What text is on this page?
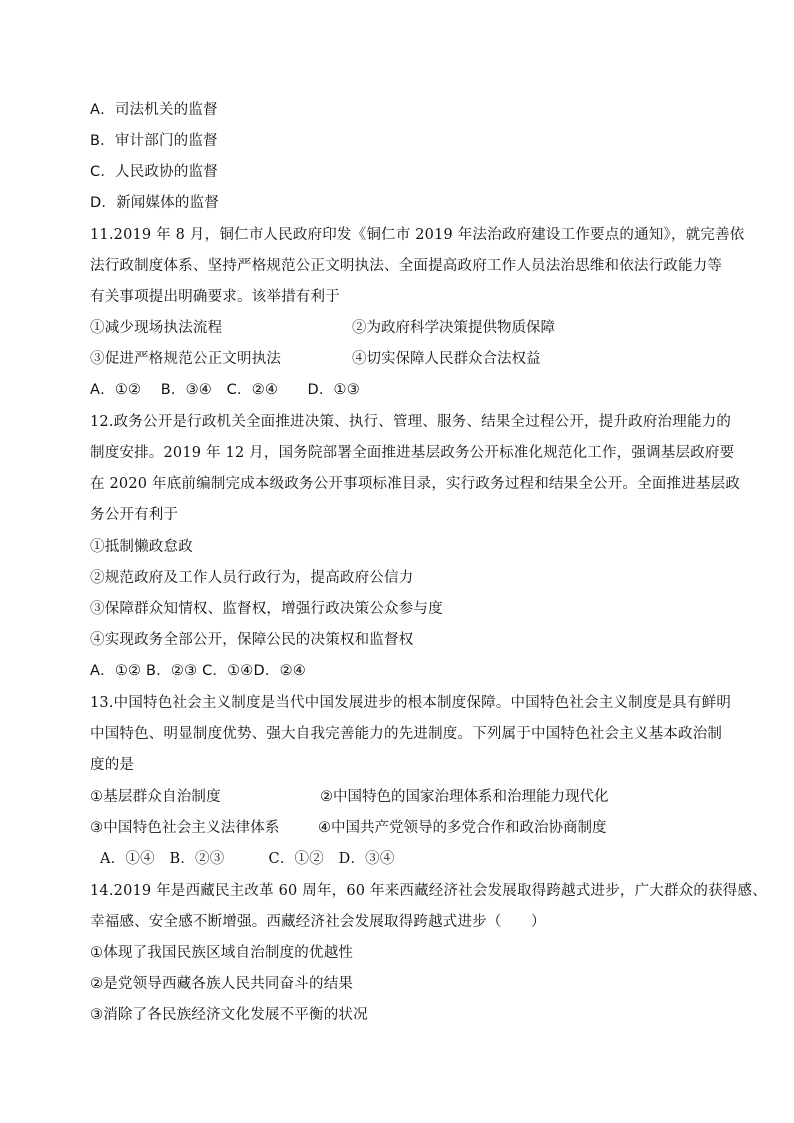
A．司法机关的监督
B．审计部门的监督
C．人民政协的监督
D．新闻媒体的监督
11.2019 年 8 月，铜仁市人民政府印发《铜仁市 2019 年法治政府建设工作要点的通知》，就完善依
法行政制度体系、坚持严格规范公正文明执法、全面提高政府工作人员法治思维和依法行政能力等
有关事项提出明确要求。该举措有利于
①减少现场执法流程	②为政府科学决策提供物质保障
③促进严格规范公正文明执法	④切实保障人民群众合法权益
A．①②　 B．③④　C．②④　　D．①③
12.政务公开是行政机关全面推进决策、执行、管理、服务、结果全过程公开，提升政府治理能力的
制度安排。2019 年 12 月，国务院部署全面推进基层政务公开标准化规范化工作，强调基层政府要
在 2020 年底前编制完成本级政务公开事项标准目录，实行政务过程和结果全公开。全面推进基层政
务公开有利于
①抵制懒政怠政
②规范政府及工作人员行政行为，提高政府公信力
③保障群众知情权、监督权，增强行政决策公众参与度
④实现政务全部公开，保障公民的决策权和监督权
A．①② B．②③ C．①④D．②④
13.中国特色社会主义制度是当代中国发展进步的根本制度保障。中国特色社会主义制度是具有鲜明
中国特色、明显制度优势、强大自我完善能力的先进制度。下列属于中国特色社会主义基本政治制
度的是
①基层群众自治制度	②中国特色的国家治理体系和治理能力现代化
③中国特色社会主义法律体系	④中国共产党领导的多党合作和政治协商制度
A．①④　B．②③　　　C．①②　D．③④
14.2019 年是西藏民主改革 60 周年，60 年来西藏经济社会发展取得跨越式进步，广大群众的获得感、
幸福感、安全感不断增强。西藏经济社会发展取得跨越式进步（　　）
①体现了我国民族区域自治制度的优越性
②是党领导西藏各族人民共同奋斗的结果
③消除了各民族经济文化发展不平衡的状况
